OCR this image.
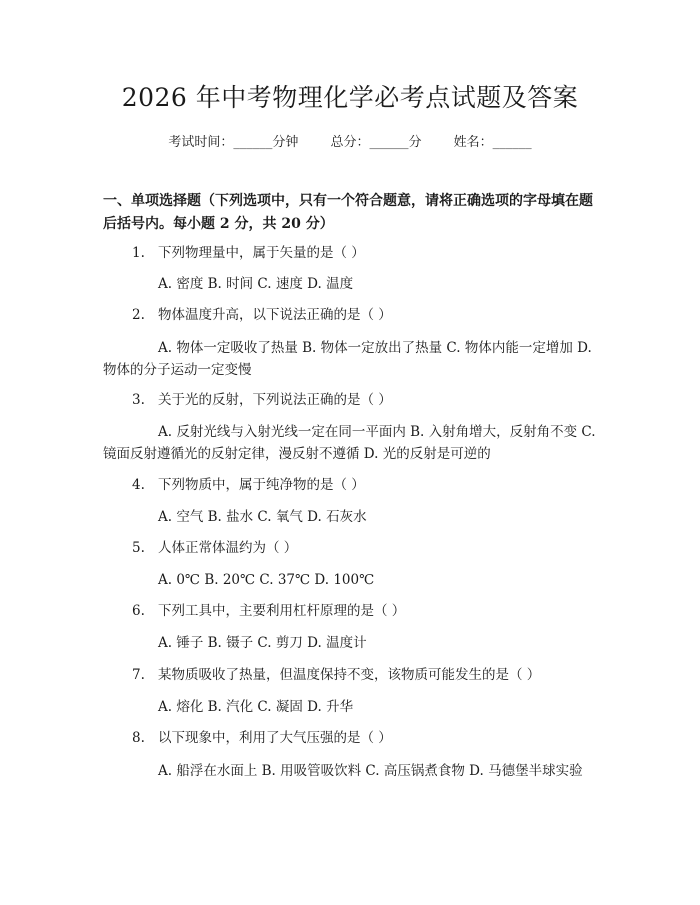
2026 年中考物理化学必考点试题及答案
考试时间：______分钟 总分：______分 姓名：______
一、单项选择题（下列选项中，只有一个符合题意，请将正确选项的字母填在题后括号内。每小题 2 分，共 20 分）
1. 下列物理量中，属于矢量的是（ ）
A. 密度 B. 时间 C. 速度 D. 温度
2. 物体温度升高，以下说法正确的是（ ）
A. 物体一定吸收了热量 B. 物体一定放出了热量 C. 物体内能一定增加 D. 物体的分子运动一定变慢
3. 关于光的反射，下列说法正确的是（ ）
A. 反射光线与入射光线一定在同一平面内 B. 入射角增大，反射角不变 C. 镜面反射遵循光的反射定律，漫反射不遵循 D. 光的反射是可逆的
4. 下列物质中，属于纯净物的是（ ）
A. 空气 B. 盐水 C. 氧气 D. 石灰水
5. 人体正常体温约为（ ）
A. 0℃ B. 20℃ C. 37℃ D. 100℃
6. 下列工具中，主要利用杠杆原理的是（ ）
A. 锤子 B. 镊子 C. 剪刀 D. 温度计
7. 某物质吸收了热量，但温度保持不变，该物质可能发生的是（ ）
A. 熔化 B. 汽化 C. 凝固 D. 升华
8. 以下现象中，利用了大气压强的是（ ）
A. 船浮在水面上 B. 用吸管吸饮料 C. 高压锅煮食物 D. 马德堡半球实验
